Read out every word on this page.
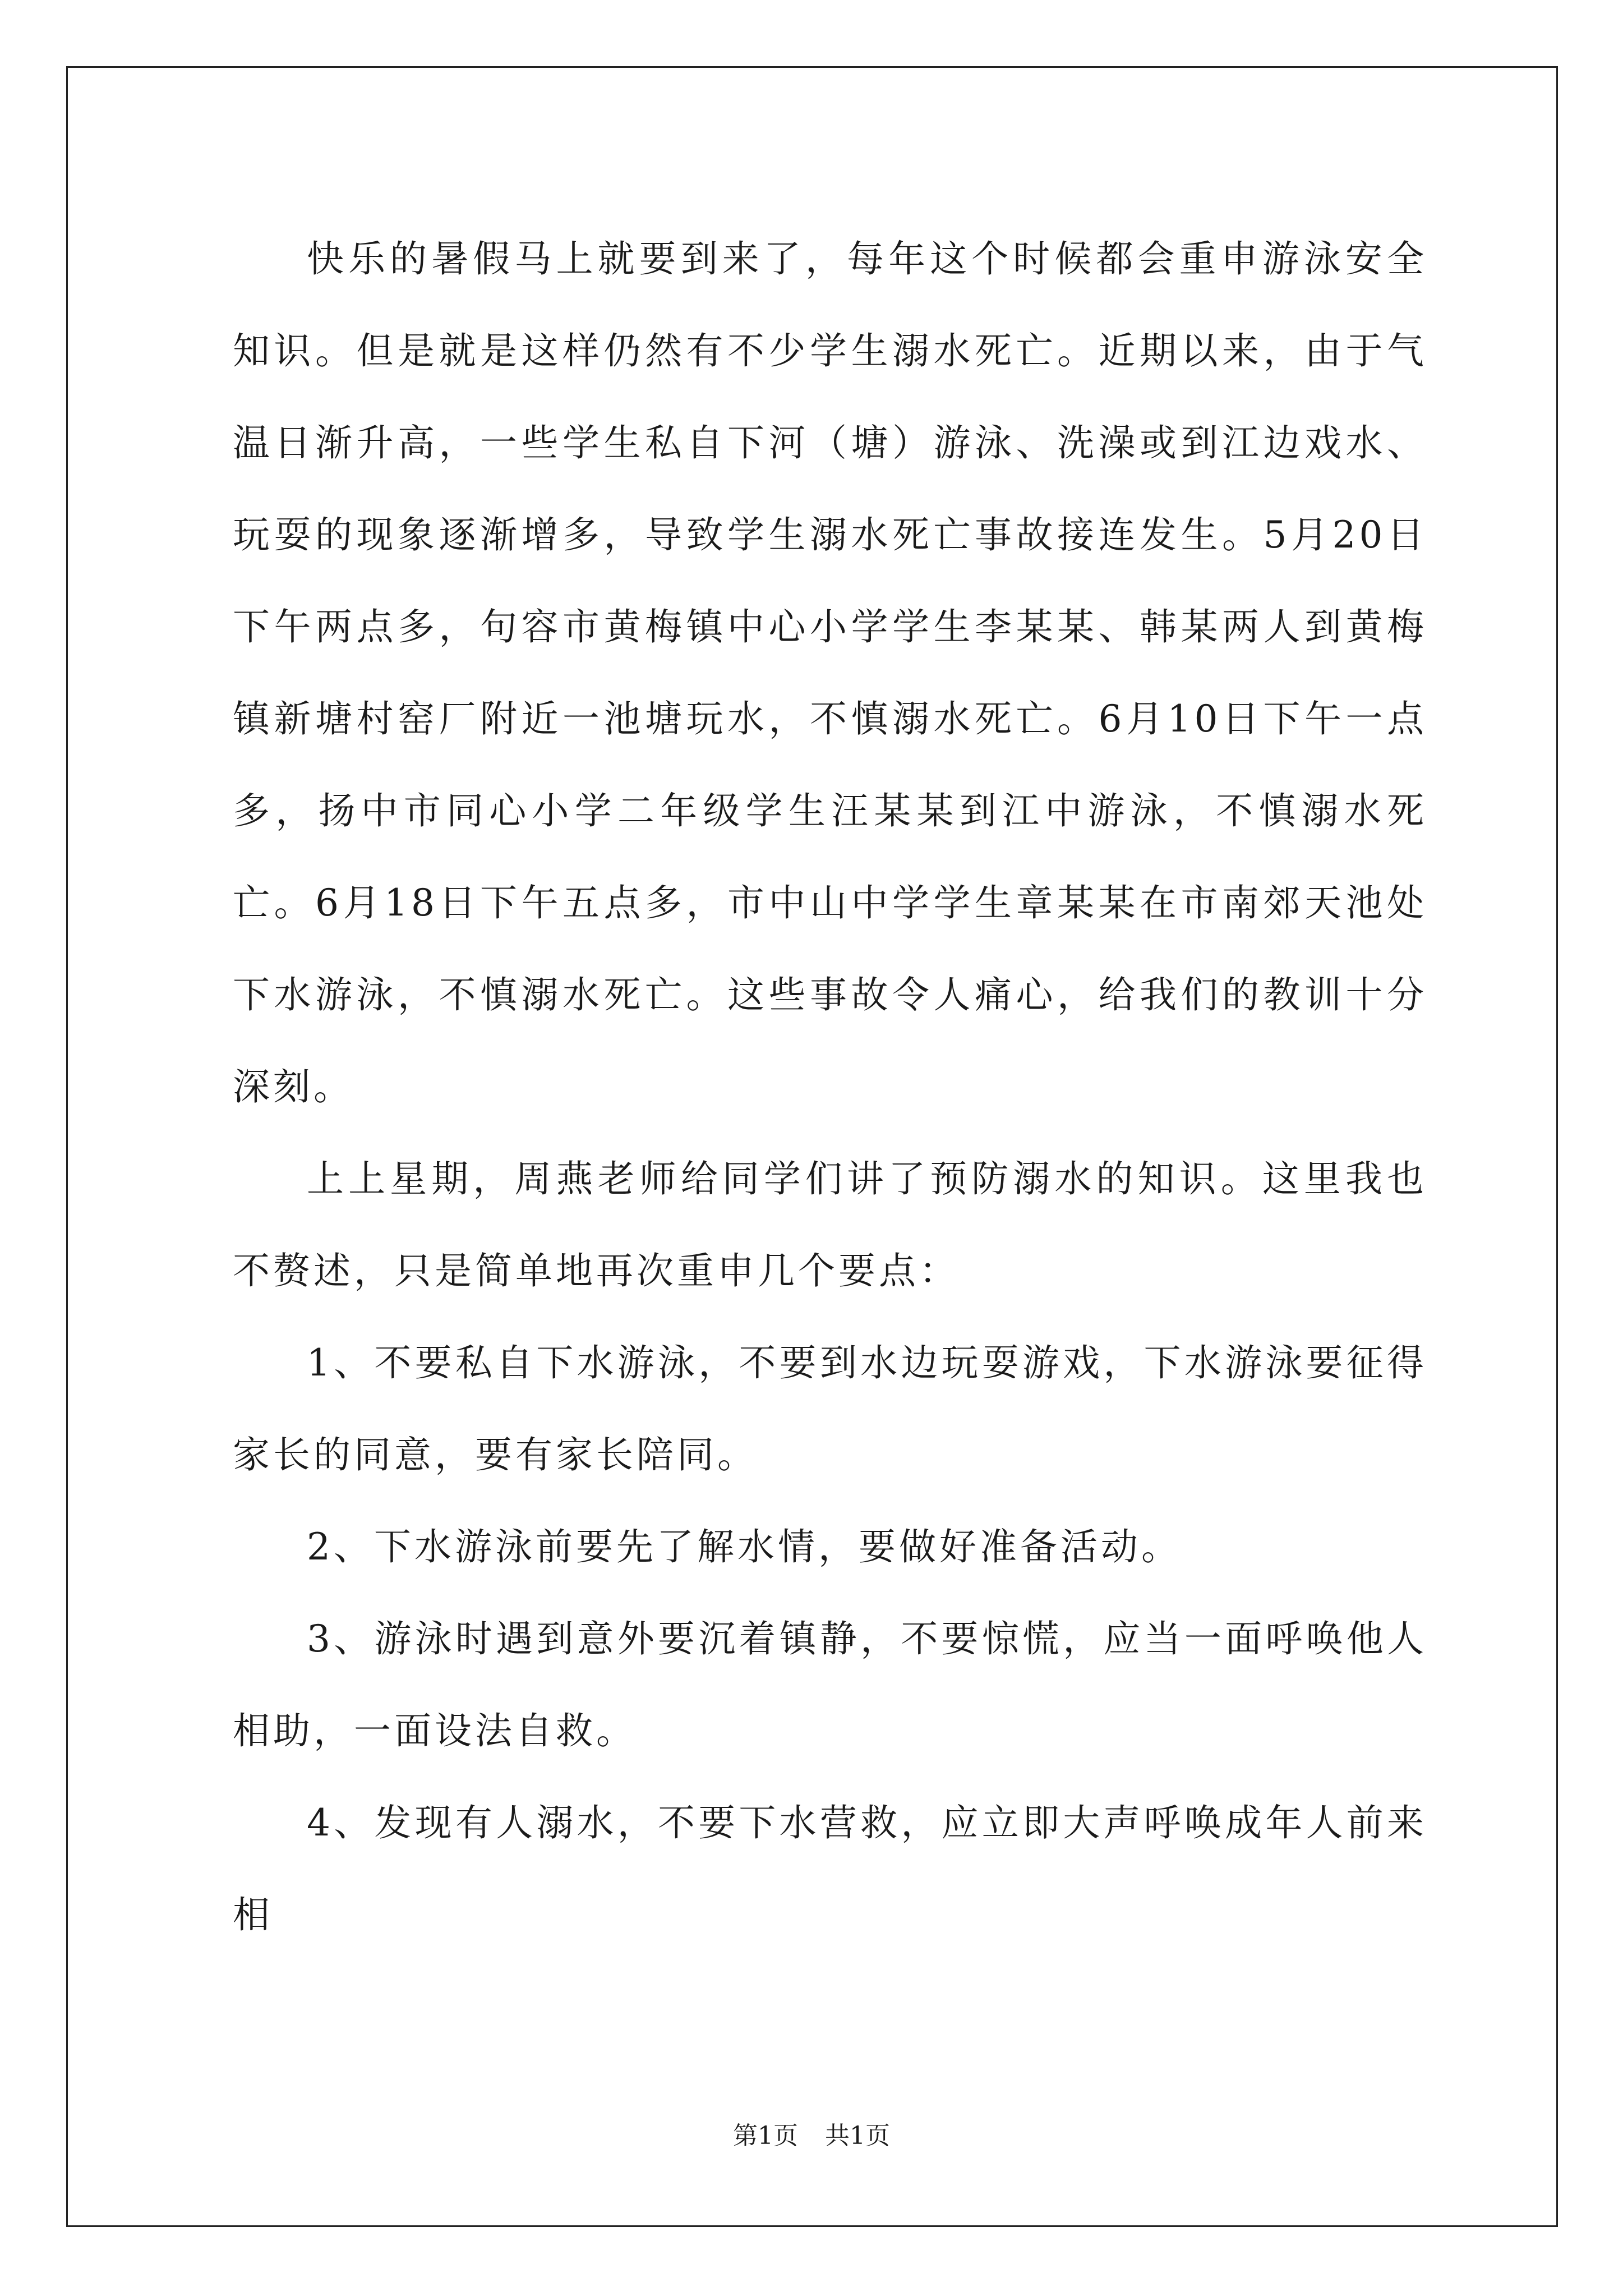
快乐的暑假马上就要到来了，每年这个时候都会重申游泳安全知识。但是就是这样仍然有不少学生溺水死亡。近期以来，由于气温日渐升高，一些学生私自下河（塘）游泳、洗澡或到江边戏水、玩耍的现象逐渐增多，导致学生溺水死亡事故接连发生。5月20日下午两点多，句容市黄梅镇中心小学学生李某某、韩某两人到黄梅镇新塘村窑厂附近一池塘玩水，不慎溺水死亡。6月10日下午一点多，扬中市同心小学二年级学生汪某某到江中游泳，不慎溺水死亡。6月18日下午五点多，市中山中学学生章某某在市南郊天池处下水游泳，不慎溺水死亡。这些事故令人痛心，给我们的教训十分深刻。

上上星期，周燕老师给同学们讲了预防溺水的知识。这里我也不赘述，只是简单地再次重申几个要点：

1、不要私自下水游泳，不要到水边玩耍游戏，下水游泳要征得家长的同意，要有家长陪同。

2、下水游泳前要先了解水情，要做好准备活动。

3、游泳时遇到意外要沉着镇静，不要惊慌，应当一面呼唤他人相助，一面设法自救。

4、发现有人溺水，不要下水营救，应立即大声呼唤成年人前来相

第1页 共1页
